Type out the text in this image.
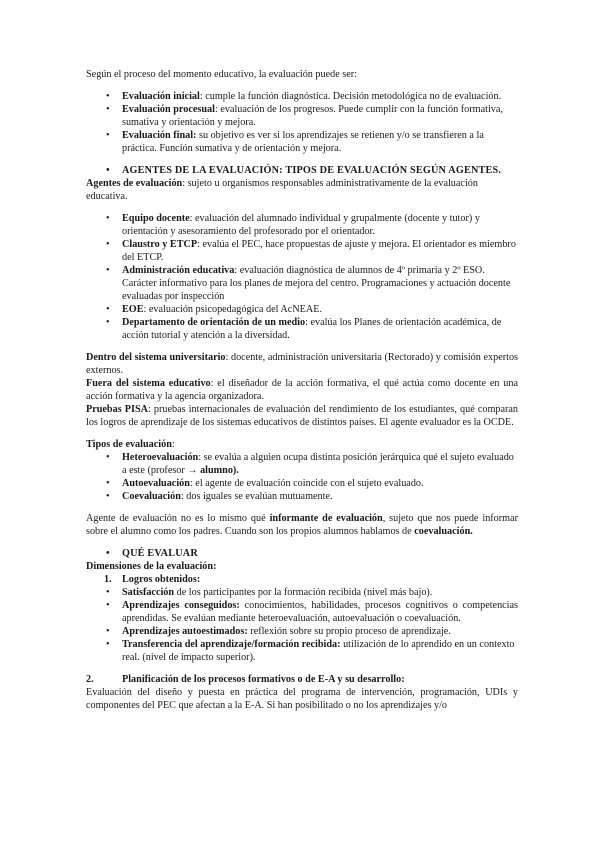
Según el proceso del momento educativo, la evaluación puede ser:

• Evaluación inicial: cumple la función diagnóstica. Decisión metodológica no de evaluación.
• Evaluación procesual: evaluación de los progresos. Puede cumplir con la función formativa, sumativa y orientación y mejora.
• Evaluación final: su objetivo es ver si los aprendizajes se retienen y/o se transfieren a la práctica. Función sumativa y de orientación y mejora.
• AGENTES DE LA EVALUACIÓN: TIPOS DE EVALUACIÓN SEGÚN AGENTES.

Agentes de evaluación: sujeto u organismos responsables administrativamente de la evaluación educativa.

• Equipo docente: evaluación del alumnado individual y grupalmente (docente y tutor) y orientación y asesoramiento del profesorado por el orientador.
• Claustro y ETCP: evalúa el PEC, hace propuestas de ajuste y mejora. El orientador es miembro del ETCP.
• Administración educativa: evaluación diagnóstica de alumnos de 4º primaria y 2º ESO. Carácter informativo para los planes de mejora del centro. Programaciones y actuación docente evaluadas por inspección
• EOE: evaluación psicopedagógica del AcNEAE.
• Departamento de orientación de un medio: evalúa los Planes de orientación académica, de acción tutorial y atención a la diversidad.

Dentro del sistema universitario: docente, administración universitaria (Rectorado) y comisión expertos externos.

Fuera del sistema educativo: el diseñador de la acción formativa, el qué actúa como docente en una acción formativa y la agencia organizadora.

Pruebas PISA: pruebas internacionales de evaluación del rendimiento de los estudiantes, qué comparan los logros de aprendizaje de los sistemas educativos de distintos países. El agente evaluador es la OCDE.

Tipos de evaluación:

• Heteroevaluación: se evalúa a alguien ocupa distinta posición jerárquica qué el sujeto evaluado a este (profesor → alumno).
• Autoevaluación: el agente de evaluación coincide con el sujeto evaluado.
• Coevaluación: dos iguales se evalúan mutuamente.

Agente de evaluación no es lo mismo qué informante de evaluación, sujeto que nos puede informar sobre el alumno como los padres. Cuando son los propios alumnos hablamos de coevaluación.

• QUÉ EVALUAR

Dimensiones de la evaluación:

1. Logros obtenidos:
• Satisfacción de los participantes por la formación recibida (nivel más bajo).
• Aprendizajes conseguidos: conocimientos, habilidades, procesos cognitivos o competencias aprendidas. Se evalúan mediante heteroevaluación, autoevaluación o coevaluación.
• Aprendizajes autoestimados: reflexión sobre su propio proceso de aprendizaje.
• Transferencia del aprendizaje/formación recibida: utilización de lo aprendido en un contexto real. (nivel de impacto superior).
2.	Planificación de los procesos formativos o de E-A y su desarrollo:

Evaluación del diseño y puesta en práctica del programa de intervención, programación, UDIs y componentes del PEC que afectan a la E-A. Si han posibilitado o no los aprendizajes y/o
